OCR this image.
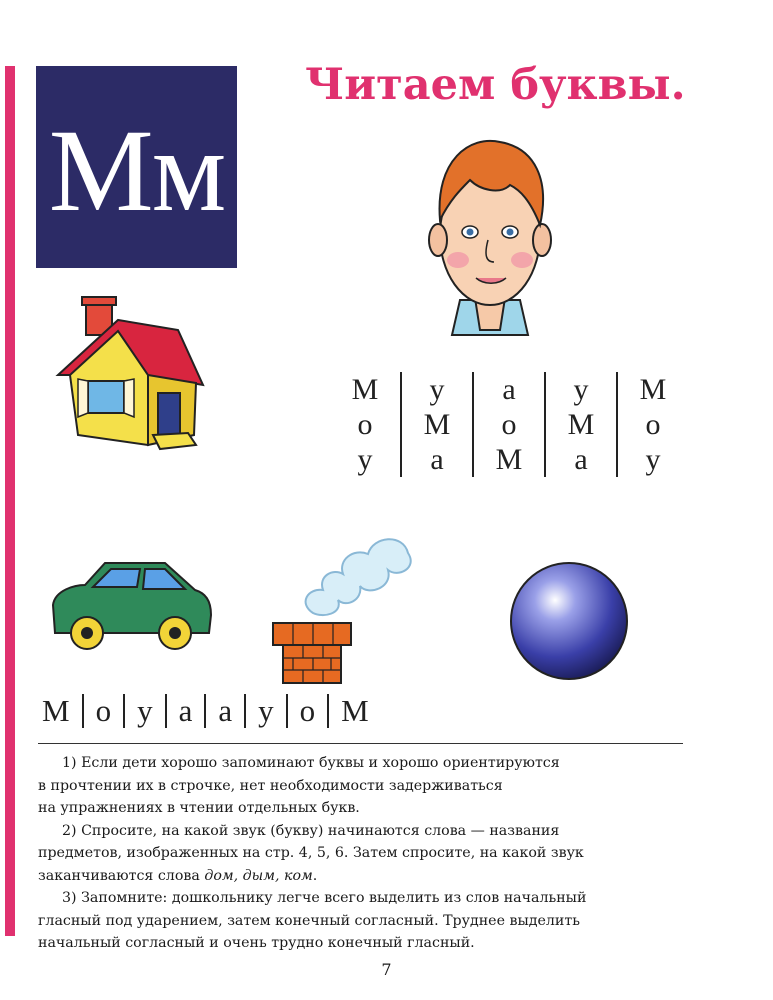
Мм
Читаем буквы.
М
о
у
у
М
а
а
о
М
у
М
а
М
о
у
М о у а а у о М

1) Если дети хорошо запоминают буквы и хорошо ориентируются

в прочтении их в строчке, нет необходимости задерживаться

на упражнениях в чтении отдельных букв.

2) Спросите, на какой звук (букву) начинаются слова — названия

предметов, изображенных на стр. 4, 5, 6. Затем спросите, на какой звук

заканчиваются слова дом, дым, ком.

3) Запомните: дошкольнику легче всего выделить из слов начальный

гласный под ударением, затем конечный согласный. Труднее выделить

начальный согласный и очень трудно конечный гласный.

7
